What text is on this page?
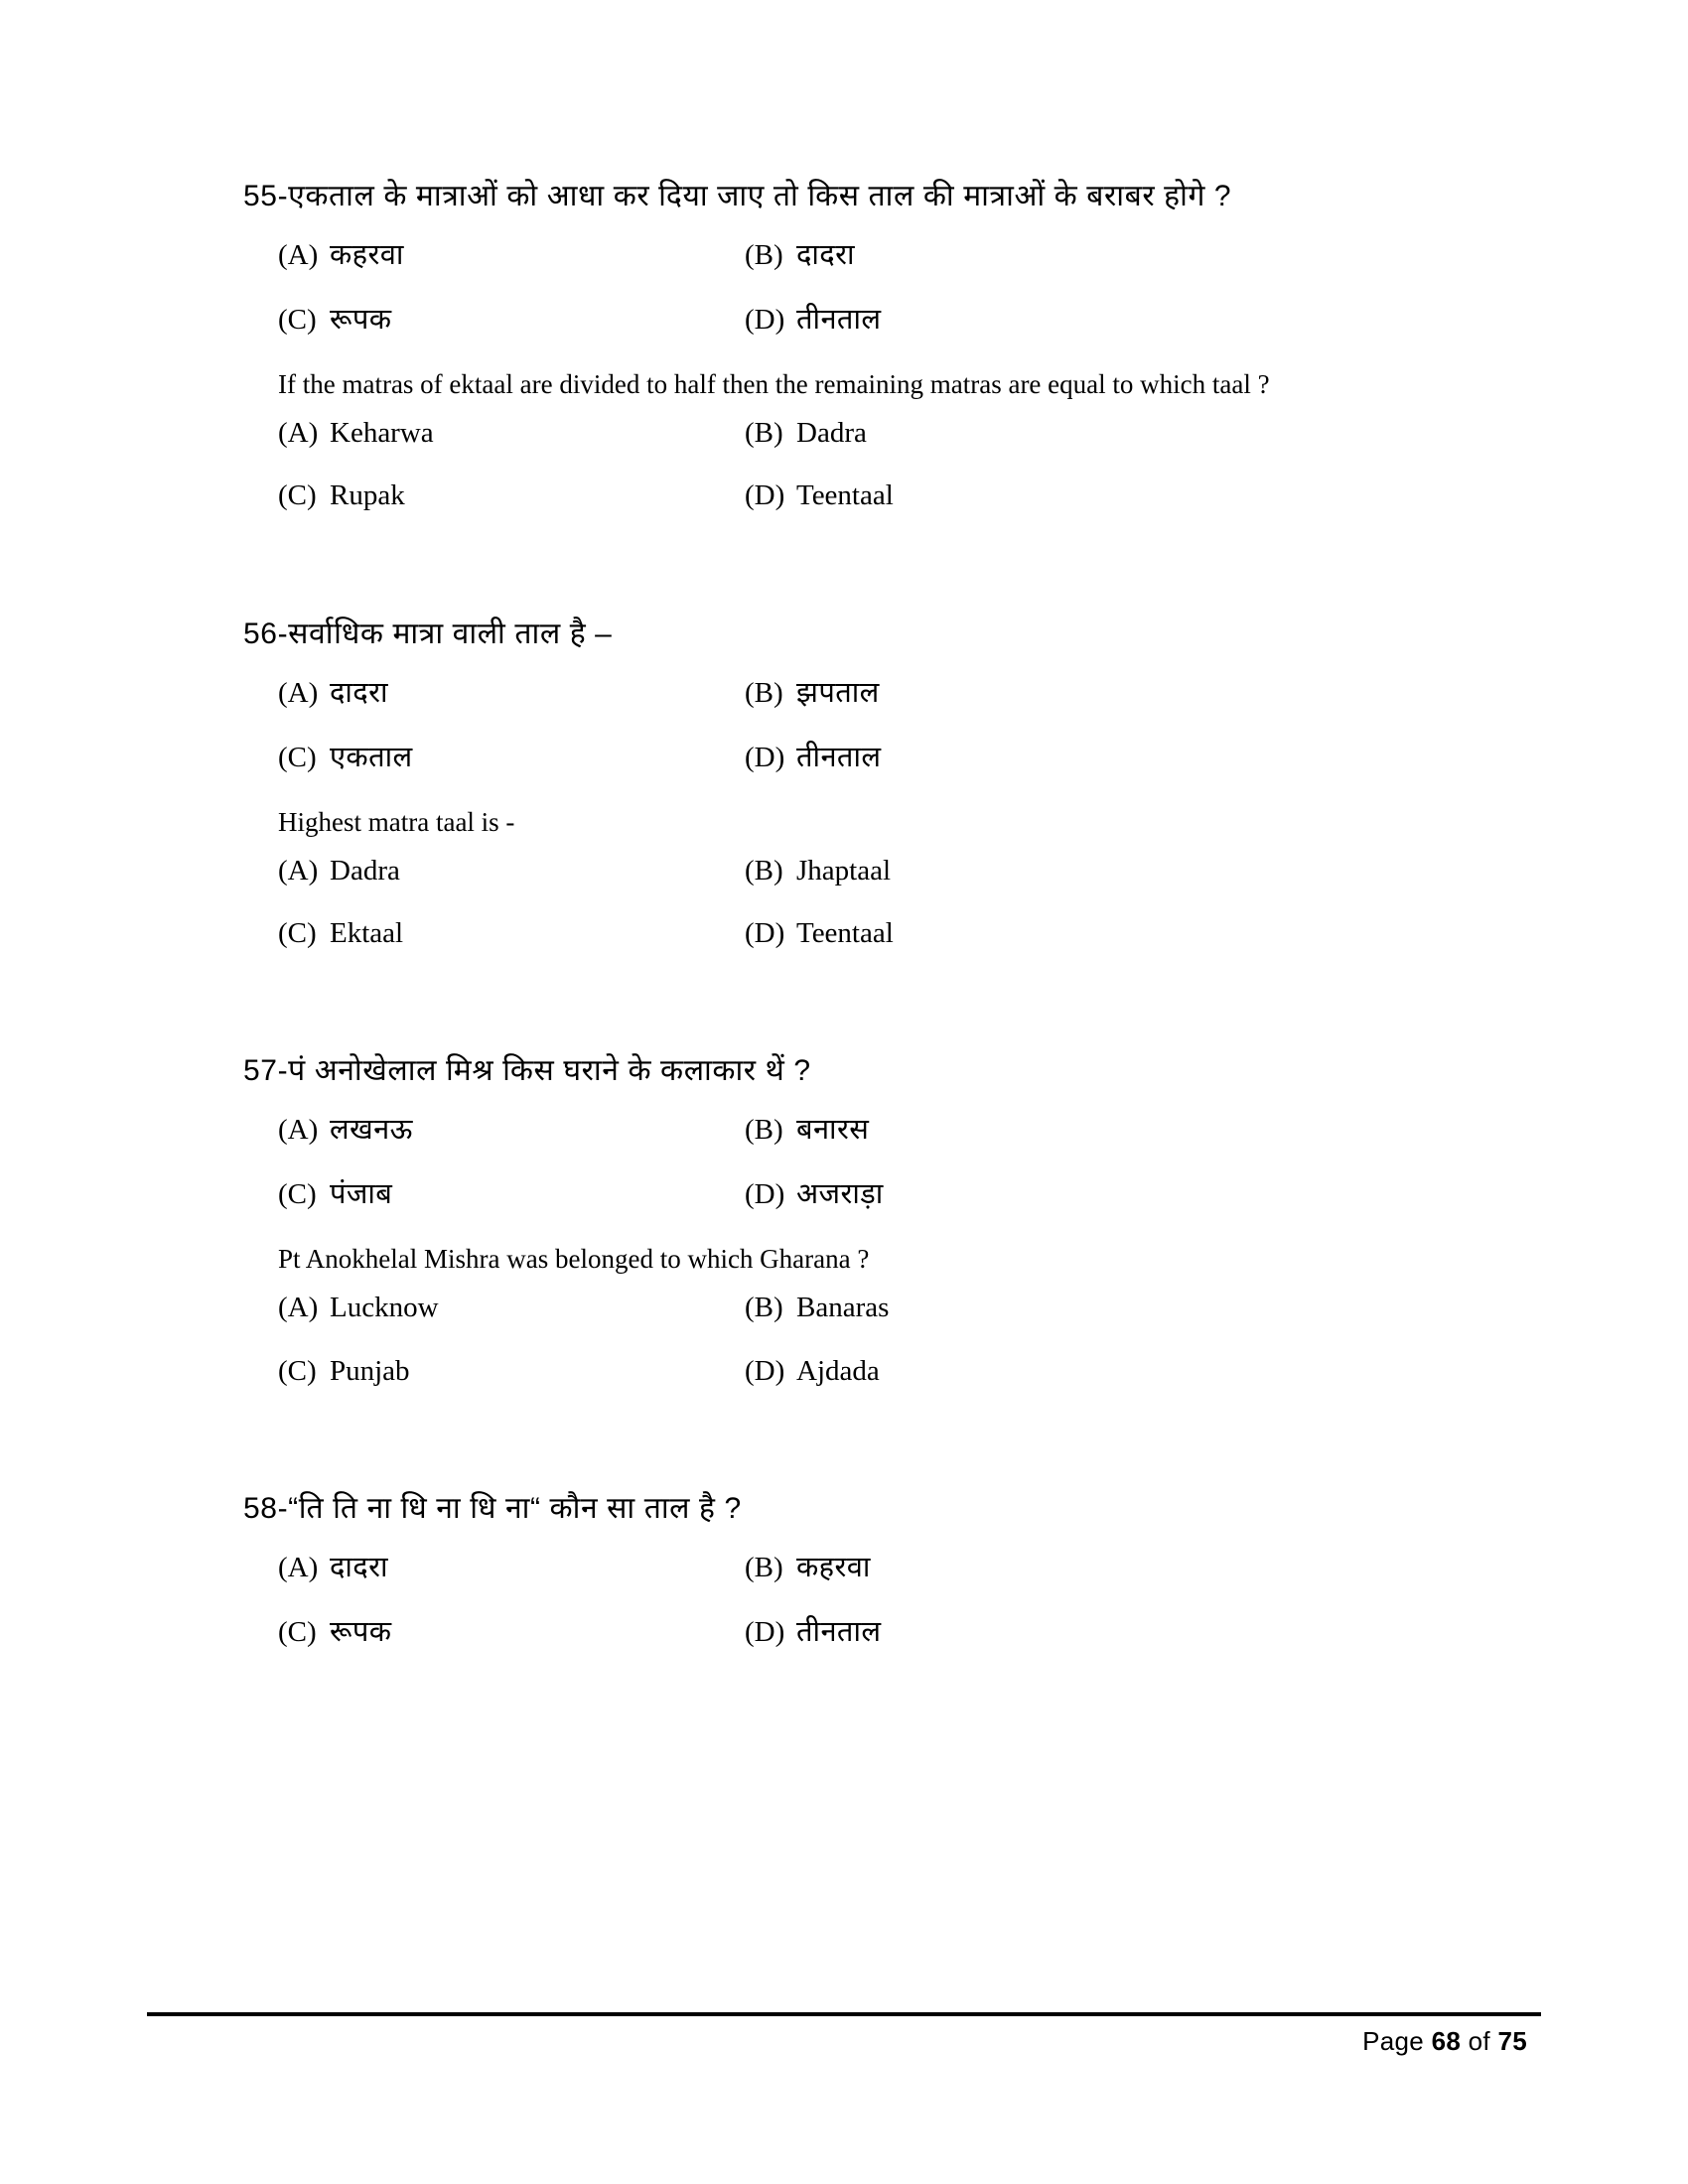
55-एकताल के मात्राओं को आधा कर दिया जाए तो किस ताल की मात्राओं के बराबर होगे ?

(A) कहरवा	(B) दादरा
(C) रूपक	(D) तीनताल

If the matras of ektaal are divided to half then the remaining matras are equal to which taal ?

(A) Keharwa	(B) Dadra
(C) Rupak	(D) Teentaal

56-सर्वाधिक मात्रा वाली ताल है –

(A) दादरा	(B) झपताल
(C) एकताल	(D) तीनताल

Highest matra taal is -

(A) Dadra	(B) Jhaptaal
(C) Ektaal	(D) Teentaal

57-पं अनोखेलाल मिश्र किस घराने के कलाकार थें ?

(A) लखनऊ	(B) बनारस
(C) पंजाब	(D) अजराड़ा

Pt Anokhelal Mishra was belonged to which Gharana ?

(A) Lucknow	(B) Banaras
(C) Punjab	(D) Ajdada

58-“ति ति ना धि ना धि ना“ कौन सा ताल है ?

(A) दादरा	(B) कहरवा
(C) रूपक	(D) तीनताल
Page 68 of 75
